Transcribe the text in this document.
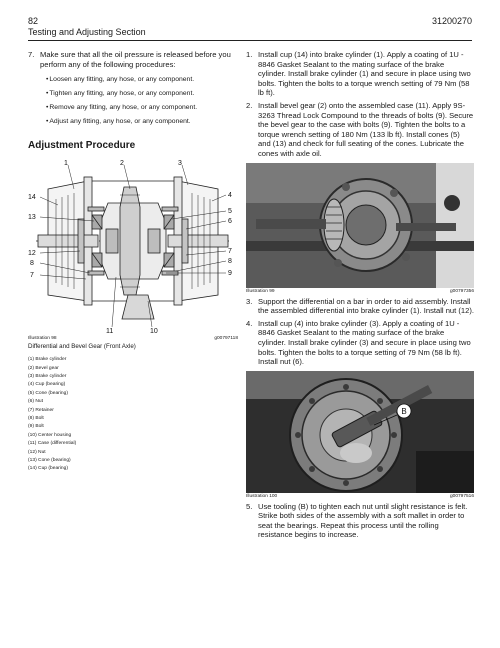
82
Testing and Adjusting Section
31200270
7. Make sure that all the oil pressure is released before you perform any of the following procedures:
• Loosen any fitting, any hose, or any component.
• Tighten any fitting, any hose, or any component.
• Remove any fitting, any hose, or any component.
• Adjust any fitting, any hose, or any component.
Adjustment Procedure
1	2	3
14
13
12
8
7
4
5
6
7
8
9
11	10
Illustration 98	g00797118
Differential and Bevel Gear (Front Axle)
(1) Brake cylinder
(2) Bevel gear
(3) Brake cylinder
(4) Cup (bearing)
(5) Cone (bearing)
(6) Nut
(7) Retainer
(8) Bolt
(9) Bolt
(10) Center housing
(11) Case (differential)
(12) Nut
(13) Cone (bearing)
(14) Cup (bearing)
1. Install cup (14) into brake cylinder (1). Apply a coating of 1U - 8846 Gasket Sealant to the mating surface of the brake cylinder. Install brake cylinder (1) and secure in place using two bolts. Tighten the bolts to a torque wrench setting of 79 Nm (58 lb ft).
2. Install bevel gear (2) onto the assembled case (11). Apply 9S-3263 Thread Lock Compound to the threads of bolts (9). Secure the bevel gear to the case with bolts (9). Tighten the bolts to a torque wrench setting of 180 Nm (133 lb ft). Install cones (5) and (13) and check for full seating of the cones. Lubricate the cones with axle oil.
Illustration 99	g00797356
3. Support the differential on a bar in order to aid assembly. Install the assembled differential into brake cylinder (1). Install nut (12).
4. Install cup (4) into brake cylinder (3). Apply a coating of 1U - 8846 Gasket Sealant to the mating surface of the brake cylinder. Install brake cylinder (3) and secure in place using two bolts. Tighten the bolts to a torque setting of 79 Nm (58 lb ft). Install nut (6).
B
Illustration 100	g00797516
5. Use tooling (B) to tighten each nut until slight resistance is felt. Strike both sides of the assembly with a soft mallet in order to seat the bearings. Repeat this process until the rolling resistance begins to increase.
